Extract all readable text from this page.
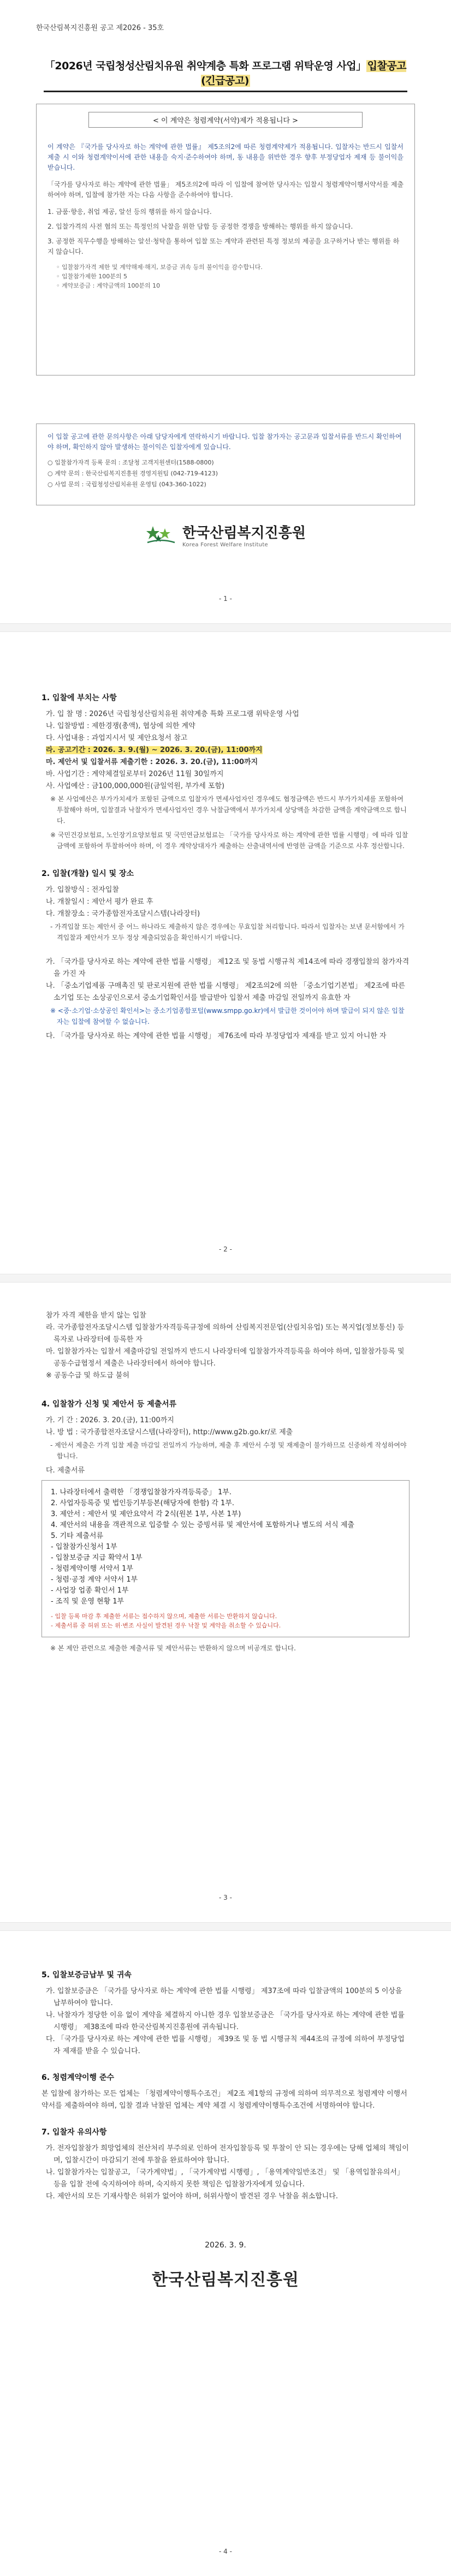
한국산림복지진흥원 공고 제2026 - 35호
「2026년 국립청성산림치유원 취약계층 특화 프로그램 위탁운영 사업」 입찰공고(긴급공고)
< 이 계약은 청렴계약(서약)제가 적용됩니다 >

이 계약은 『국가를 당사자로 하는 계약에 관한 법률』 제5조의2에 따른 청렴계약제가 적용됩니다. 입찰자는 반드시 입찰서 제출 시 이와 청렴계약이서에 관한 내용을 숙지·준수하여야 하며, 동 내용을 위반한 경우 향후 부정당업자 제재 등 불이익을 받습니다.

「국가를 당사자로 하는 계약에 관한 법률」 제5조의2에 따라 이 입찰에 참여한 당사자는 입찰시 청렴계약이행서약서를 제출하여야 하며, 입찰에 참가한 자는 다음 사항을 준수하여야 합니다.

1. 금품·향응, 취업 제공, 알선 등의 행위를 하지 않습니다.
2. 입찰가격의 사전 협의 또는 특정인의 낙찰을 위한 담합 등 공정한 경쟁을 방해하는 행위를 하지 않습니다.
3. 공정한 직무수행을 방해하는 알선·청탁을 통하여 입찰 또는 계약과 관련된 특정 정보의 제공을 요구하거나 받는 행위를 하지 않습니다.
◦ 입찰참가자격 제한 및 계약해제·해지, 보증금 귀속 등의 불이익을 감수합니다.
◦ 입찰참가제한 100분의 5
◦ 계약보증금 : 계약금액의 100분의 10

이 입찰 공고에 관한 문의사항은 아래 담당자에게 연락하시기 바랍니다. 입찰 참가자는 공고문과 입찰서류를 반드시 확인하여야 하며, 확인하지 않아 발생하는 불이익은 입찰자에게 있습니다.

○ 입찰참가자격 등록 문의 : 조달청 고객지원센터(1588-0800)
○ 계약 문의 : 한국산림복지진흥원 경영지원팀 (042-719-4123)
○ 사업 문의 : 국립청성산림치유원 운영팀 (043-360-1022)
한국산림복지진흥원
Korea Forest Welfare Institute
- 1 -
1. 입찰에 부치는 사항

가. 입 찰 명 : 2026년 국립청성산림치유원 취약계층 특화 프로그램 위탁운영 사업

나. 입찰방법 : 제한경쟁(총액), 협상에 의한 계약

다. 사업내용 : 과업지시서 및 제안요청서 참고

라. 공고기간 : 2026. 3. 9.(월) ~ 2026. 3. 20.(금), 11:00까지

마. 제안서 및 입찰서류 제출기한 : 2026. 3. 20.(금), 11:00까지

바. 사업기간 : 계약체결일로부터 2026년 11월 30일까지

사. 사업예산 : 금100,000,000원(금일억원, 부가세 포함)

※ 본 사업예산은 부가가치세가 포함된 금액으로 입찰자가 면세사업자인 경우에도 협정금액은 반드시 부가가치세를 포함하여 투찰해야 하며, 입찰결과 낙찰자가 면세사업자인 경우 낙찰금액에서 부가가치세 상당액을 차감한 금액을 계약금액으로 합니다.

※ 국민건강보험료, 노인장기요양보험료 및 국민연금보험료는 「국가를 당사자로 하는 계약에 관한 법률 시행령」에 따라 입찰금액에 포함하여 투찰하여야 하며, 이 경우 계약상대자가 제출하는 산출내역서에 반영한 금액을 기준으로 사후 정산합니다.

2. 입찰(개찰) 일시 및 장소

가. 입찰방식 : 전자입찰

나. 개찰일시 : 제안서 평가 완료 후

다. 개찰장소 : 국가종합전자조달시스템(나라장터)

- 가격입찰 또는 제안서 중 어느 하나라도 제출하지 않은 경우에는 무효입찰 처리합니다. 따라서 입찰자는 보낸 문서함에서 가격입찰과 제안서가 모두 정상 제출되었음을 확인하시기 바랍니다.

가. 「국가를 당사자로 하는 계약에 관한 법률 시행령」 제12조 및 동법 시행규칙 제14조에 따라 경쟁입찰의 참가자격을 가진 자

나. 「중소기업제품 구매촉진 및 판로지원에 관한 법률 시행령」 제2조의2에 의한 「중소기업기본법」 제2조에 따른 소기업 또는 소상공인으로서 중소기업확인서를 발급받아 입찰서 제출 마감일 전일까지 유효한 자

※ <중·소기업·소상공인 확인서>는 중소기업종합포털(www.smpp.go.kr)에서 발급한 것이어야 하며 발급이 되지 않은 입찰자는 입찰에 참여할 수 없습니다.

다. 「국가를 당사자로 하는 계약에 관한 법률 시행령」 제76조에 따라 부정당업자 제재를 받고 있지 아니한 자

- 2 -

참가 자격 제한을 받지 않는 입찰

라. 국가종합전자조달시스템 입찰참가자격등록규정에 의하여 산림복지전문업(산림치유업) 또는 복지업(정보통신) 등록자로 나라장터에 등록한 자

마. 입찰참가자는 입찰서 제출마감일 전일까지 반드시 나라장터에 입찰참가자격등록을 하여야 하며, 입찰참가등록 및 공동수급협정서 제출은 나라장터에서 하여야 합니다.

※ 공동수급 및 하도급 불허

4. 입찰참가 신청 및 제안서 등 제출서류

가. 기 간 : 2026. 3. 20.(금), 11:00까지

나. 방 법 : 국가종합전자조달시스템(나라장터), http://www.g2b.go.kr/로 제출

- 제안서 제출은 가격 입찰 제출 마감일 전일까지 가능하며, 제출 후 제안서 수정 및 재제출이 불가하므로 신중하게 작성하여야 합니다.

다. 제출서류

1. 나라장터에서 출력한 「경쟁입찰참가자격등록증」 1부.
2. 사업자등록증 및 법인등기부등본(해당자에 한함) 각 1부.
3. 제안서 : 제안서 및 제안요약서 각 2식(원본 1부, 사본 1부)
4. 제안서의 내용을 객관적으로 입증할 수 있는 증빙서류 및 제안서에 포함하거나 별도의 서식 제출
5. 기타 제출서류
- 입찰참가신청서 1부
- 입찰보증금 지급 확약서 1부
- 청렴계약이행 서약서 1부
- 청렴·공정 계약 서약서 1부
- 사업장 업종 확인서 1부
- 조직 및 운영 현황 1부
- 입찰 등록 마감 후 제출한 서류는 접수하지 않으며, 제출한 서류는 반환하지 않습니다.
- 제출서류 중 허위 또는 위·변조 사실이 발견된 경우 낙찰 및 계약을 취소할 수 있습니다.

※ 본 제안 관련으로 제출한 제출서류 및 제안서류는 반환하지 않으며 비공개로 합니다.

- 3 -
5. 입찰보증금납부 및 귀속

가. 입찰보증금은 「국가를 당사자로 하는 계약에 관한 법률 시행령」 제37조에 따라 입찰금액의 100분의 5 이상을 납부하여야 합니다.

나. 낙찰자가 정당한 이유 없이 계약을 체결하지 아니한 경우 입찰보증금은 「국가를 당사자로 하는 계약에 관한 법률 시행령」 제38조에 따라 한국산림복지진흥원에 귀속됩니다.

다. 「국가를 당사자로 하는 계약에 관한 법률 시행령」 제39조 및 동 법 시행규칙 제44조의 규정에 의하여 부정당업자 제재를 받을 수 있습니다.

6. 청렴계약이행 준수

본 입찰에 참가하는 모든 업체는 「청렴계약이행특수조건」 제2조 제1항의 규정에 의하여 의무적으로 청렴계약 이행서약서를 제출하여야 하며, 입찰 결과 낙찰된 업체는 계약 체결 시 청렴계약이행특수조건에 서명하여야 합니다.

7. 입찰자 유의사항

가. 전자입찰참가 희망업체의 전산처리 부주의로 인하여 전자입찰등록 및 투찰이 안 되는 경우에는 당해 업체의 책임이며, 입찰시간이 마감되기 전에 투찰을 완료하여야 합니다.

나. 입찰참가자는 입찰공고, 「국가계약법」, 「국가계약법 시행령」, 「용역계약일반조건」 및 「용역입찰유의서」 등을 입찰 전에 숙지하여야 하며, 숙지하지 못한 책임은 입찰참가자에게 있습니다.

다. 제안서의 모든 기재사항은 허위가 없어야 하며, 허위사항이 발견된 경우 낙찰을 취소합니다.

2026. 3. 9.
한국산림복지진흥원
- 4 -
